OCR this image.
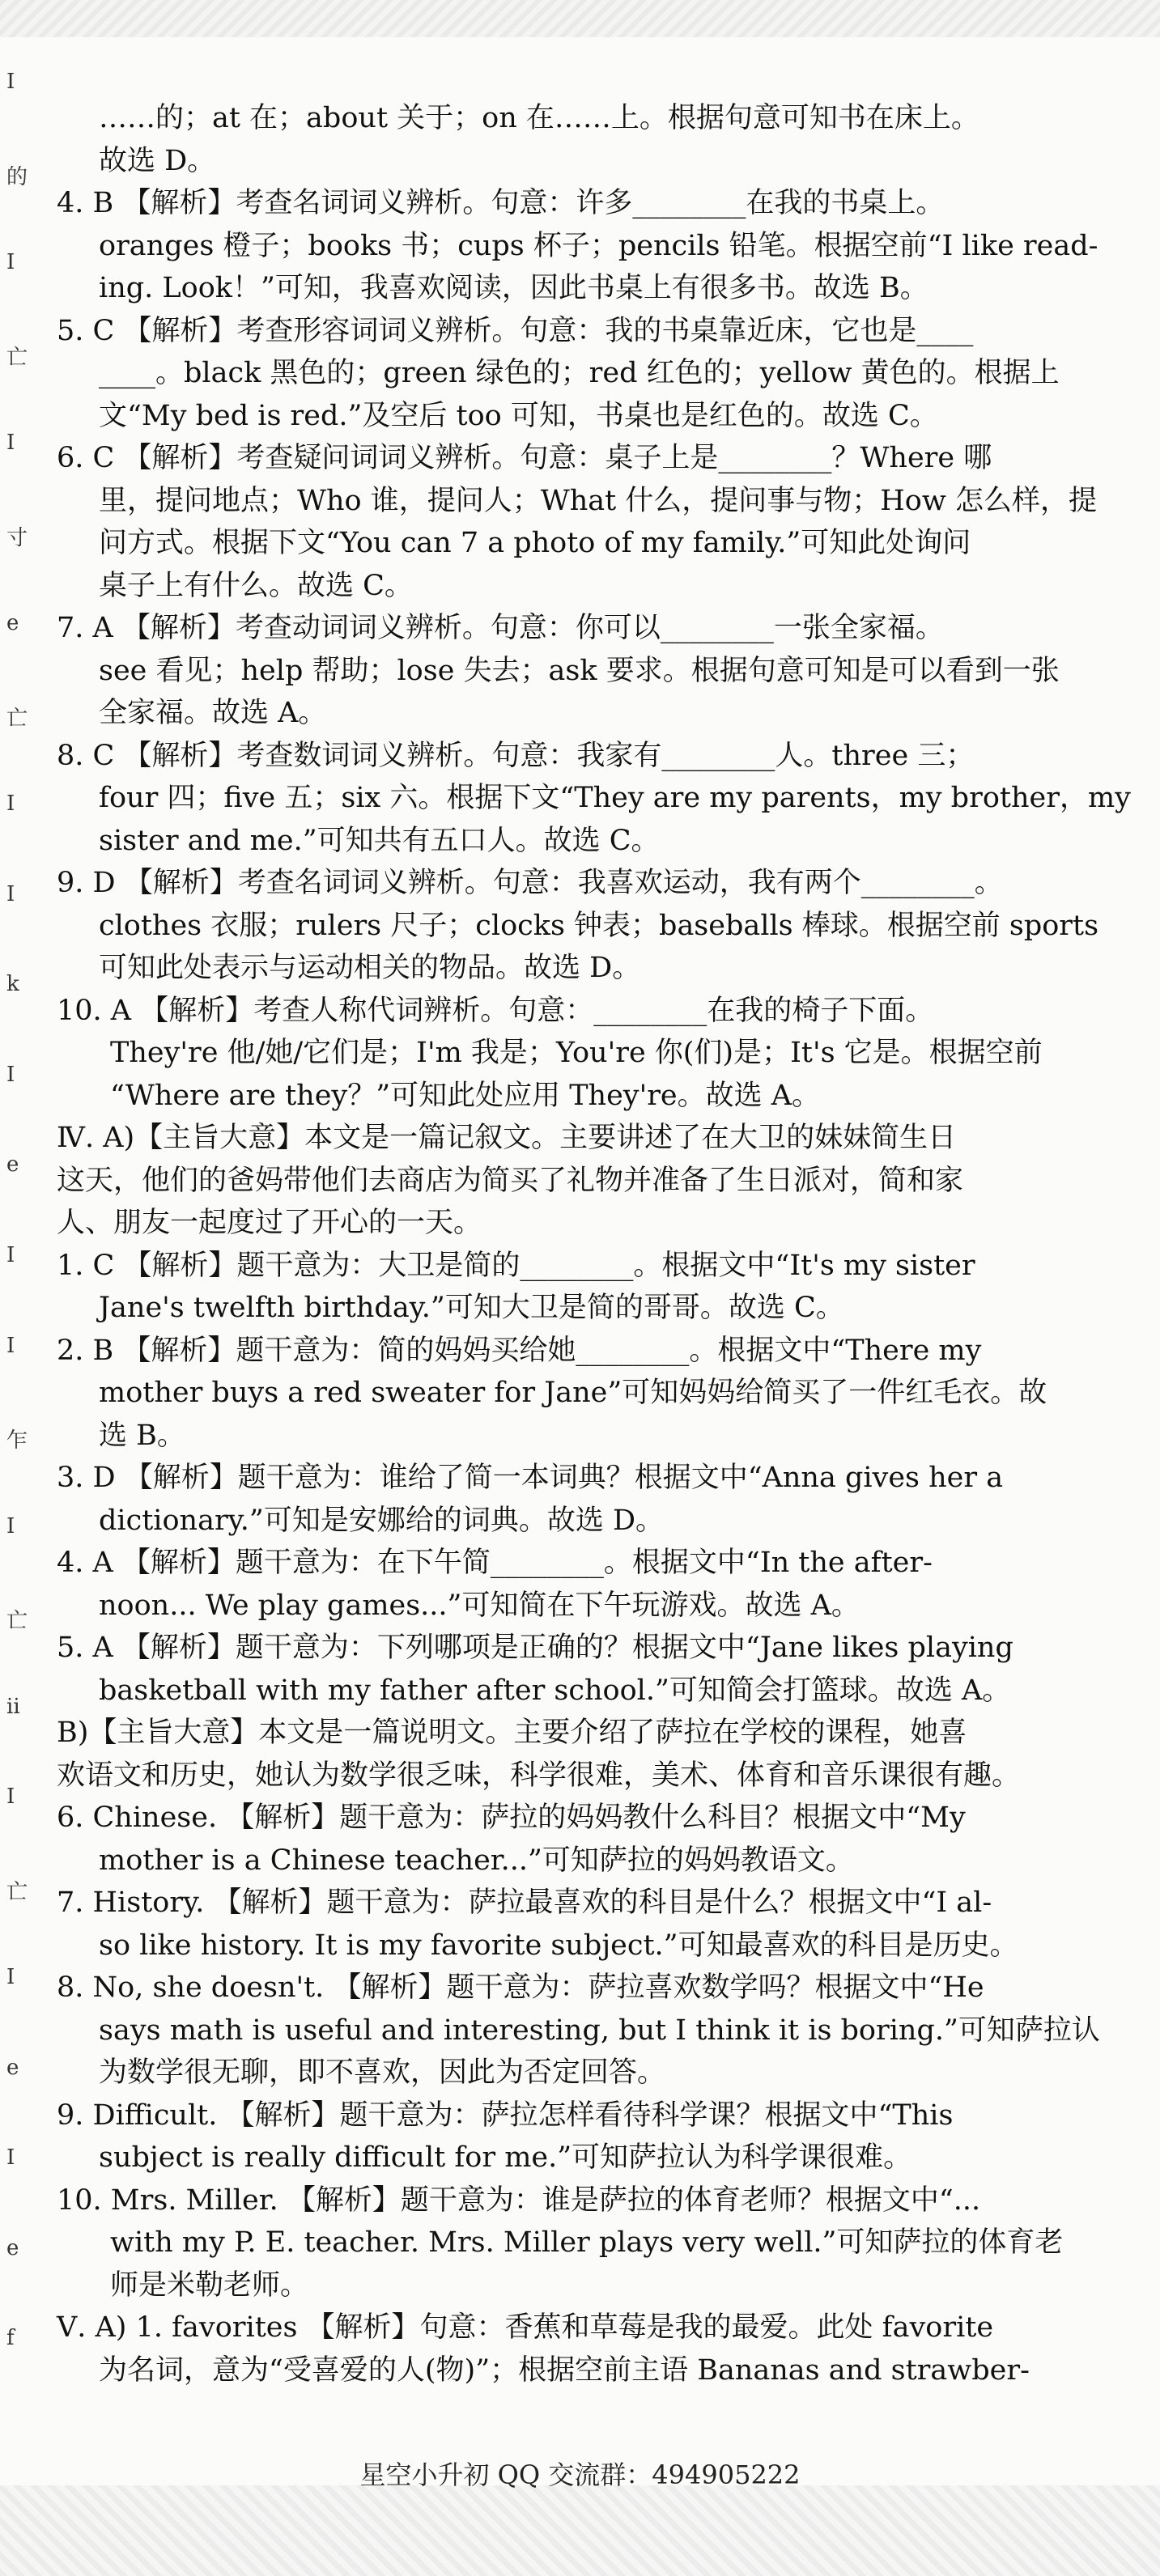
I
的
I
亡
I
寸
e
亡
I
I
k
I
e
I
I
乍
I
亡
ii
I
亡
I
e
I
e
f

……的；at 在；about 关于；on 在……上。根据句意可知书在床上。

故选 D。

4. B 【解析】考查名词词义辨析。句意：许多________在我的书桌上。

oranges 橙子；books 书；cups 杯子；pencils 铅笔。根据空前“I like read-

ing. Look！”可知，我喜欢阅读，因此书桌上有很多书。故选 B。

5. C 【解析】考查形容词词义辨析。句意：我的书桌靠近床，它也是____

____。black 黑色的；green 绿色的；red 红色的；yellow 黄色的。根据上

文“My bed is red.”及空后 too 可知，书桌也是红色的。故选 C。

6. C 【解析】考查疑问词词义辨析。句意：桌子上是________？Where 哪

里，提问地点；Who 谁，提问人；What 什么，提问事与物；How 怎么样，提

问方式。根据下文“You can 7 a photo of my family.”可知此处询问

桌子上有什么。故选 C。

7. A 【解析】考查动词词义辨析。句意：你可以________一张全家福。

see 看见；help 帮助；lose 失去；ask 要求。根据句意可知是可以看到一张

全家福。故选 A。

8. C 【解析】考查数词词义辨析。句意：我家有________人。three 三；

four 四；five 五；six 六。根据下文“They are my parents，my brother，my

sister and me.”可知共有五口人。故选 C。

9. D 【解析】考查名词词义辨析。句意：我喜欢运动，我有两个________。

clothes 衣服；rulers 尺子；clocks 钟表；baseballs 棒球。根据空前 sports

可知此处表示与运动相关的物品。故选 D。

10. A 【解析】考查人称代词辨析。句意：________在我的椅子下面。

They're 他/她/它们是；I'm 我是；You're 你(们)是；It's 它是。根据空前

“Where are they？”可知此处应用 They're。故选 A。

Ⅳ. A)【主旨大意】本文是一篇记叙文。主要讲述了在大卫的妹妹简生日

这天，他们的爸妈带他们去商店为简买了礼物并准备了生日派对，简和家

人、朋友一起度过了开心的一天。

1. C 【解析】题干意为：大卫是简的________。根据文中“It's my sister

Jane's twelfth birthday.”可知大卫是简的哥哥。故选 C。

2. B 【解析】题干意为：简的妈妈买给她________。根据文中“There my

mother buys a red sweater for Jane”可知妈妈给简买了一件红毛衣。故

选 B。

3. D 【解析】题干意为：谁给了简一本词典？根据文中“Anna gives her a

dictionary.”可知是安娜给的词典。故选 D。

4. A 【解析】题干意为：在下午简________。根据文中“In the after-

noon... We play games...”可知简在下午玩游戏。故选 A。

5. A 【解析】题干意为：下列哪项是正确的？根据文中“Jane likes playing

basketball with my father after school.”可知简会打篮球。故选 A。

B)【主旨大意】本文是一篇说明文。主要介绍了萨拉在学校的课程，她喜

欢语文和历史，她认为数学很乏味，科学很难，美术、体育和音乐课很有趣。

6. Chinese. 【解析】题干意为：萨拉的妈妈教什么科目？根据文中“My

mother is a Chinese teacher...”可知萨拉的妈妈教语文。

7. History. 【解析】题干意为：萨拉最喜欢的科目是什么？根据文中“I al-

so like history. It is my favorite subject.”可知最喜欢的科目是历史。

8. No, she doesn't. 【解析】题干意为：萨拉喜欢数学吗？根据文中“He

says math is useful and interesting, but I think it is boring.”可知萨拉认

为数学很无聊，即不喜欢，因此为否定回答。

9. Difficult. 【解析】题干意为：萨拉怎样看待科学课？根据文中“This

subject is really difficult for me.”可知萨拉认为科学课很难。

10. Mrs. Miller. 【解析】题干意为：谁是萨拉的体育老师？根据文中“...

with my P. E. teacher. Mrs. Miller plays very well.”可知萨拉的体育老

师是米勒老师。

Ⅴ. A) 1. favorites 【解析】句意：香蕉和草莓是我的最爱。此处 favorite

为名词，意为“受喜爱的人(物)”；根据空前主语 Bananas and strawber-

星空小升初 QQ 交流群：494905222
